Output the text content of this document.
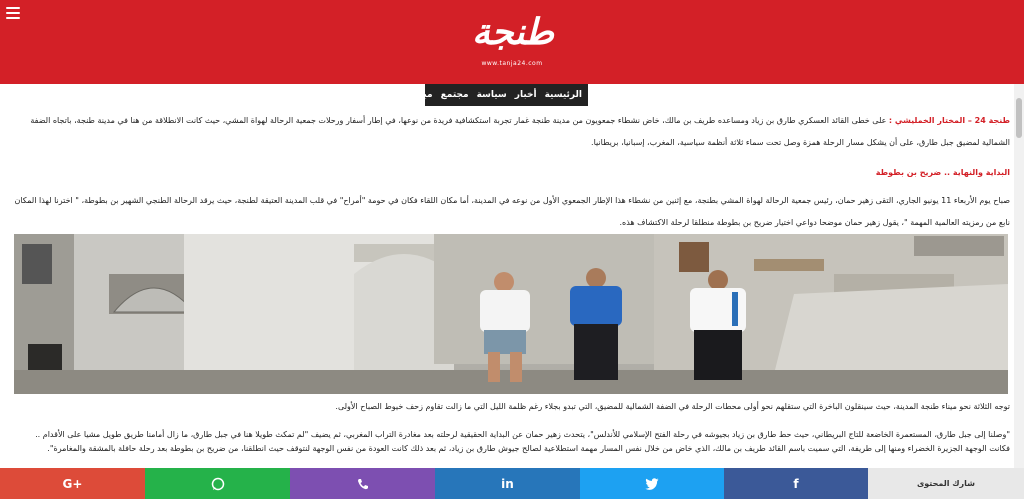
طنجة
www.tanja24.com
الرئيسية
أخبار
سياسة
مجتمع
ميديا

طنجة 24 – المختار الخمليشي : على خطى القائد العسكري طارق بن زياد ومساعده طريف بن مالك، خاض نشطاء جمعويون من مدينة طنجة غمار تجربة استكشافية فريدة من نوعها، في إطار أسفار ورحلات جمعية الرحالة لهواة المشي، حيث كانت الانطلاقة من هنا في مدينة طنجة، باتجاه الضفة الشمالية لمضيق جبل طارق، على أن يشكل مسار الرحلة همزة وصل تحت سماء ثلاثة أنظمة سياسية، المغرب، إسبانيا، بريطانيا.

البداية والنهاية .. ضريح بن بطوطة

صباح يوم الأربعاء 11 يونيو الجاري، التقى زهير حمان، رئيس جمعية الرحالة لهواة المشي بطنجة، مع إثنين من نشطاء هذا الإطار الجمعوي الأول من نوعه في المدينة، أما مكان اللقاء فكان في حومة "أمراح" في قلب المدينة العتيقة لطنجة، حيث يرقد الرحالة الطنجي الشهير بن بطوطة، " اخترنا لهذا المكان نابع من رمزيته العالمية المهمة "، يقول زهير حمان موضحا دواعي اختيار ضريح بن بطوطة منطلقا لرحلة الاكتشاف هذه.

توجه الثلاثة نحو ميناء طنجة المدينة، حيث سينقلون الباخرة التي ستقلهم نحو أولى محطات الرحلة في الضفة الشمالية للمضيق، التي تبدو بجلاء رغم ظلمة الليل التي ما زالت تقاوم زحف خيوط الصباح الأولى.
"وصلنا إلى جبل طارق، المستعمرة الخاضعة للتاج البريطاني، حيث حط طارق بن زياد بجيوشه في رحلة الفتح الإسلامي للأندلس"، يتحدث زهير حمان عن البداية الحقيقية لرحلته بعد مغادرة التراب المغربي، ثم يضيف "لم تمكث طويلا هنا في جبل طارق، ما زال أمامنا طريق طويل مشيا على الأقدام .. فكانت الوجهة الجزيرة الخضراء ومنها إلى طريفة، التي سميت باسم القائد طريف بن مالك، الذي خاض من خلال نفس المسار مهمة استطلاعية لصالح جيوش طارق بن زياد، ثم بعد ذلك كانت العودة من نفس الوجهة لنتوقف حيث انطلقنا، من ضريح بن بطوطة بعد رحلة حافلة بالمشقة والمغامرة".
G+	in	f	شارك المحتوى
